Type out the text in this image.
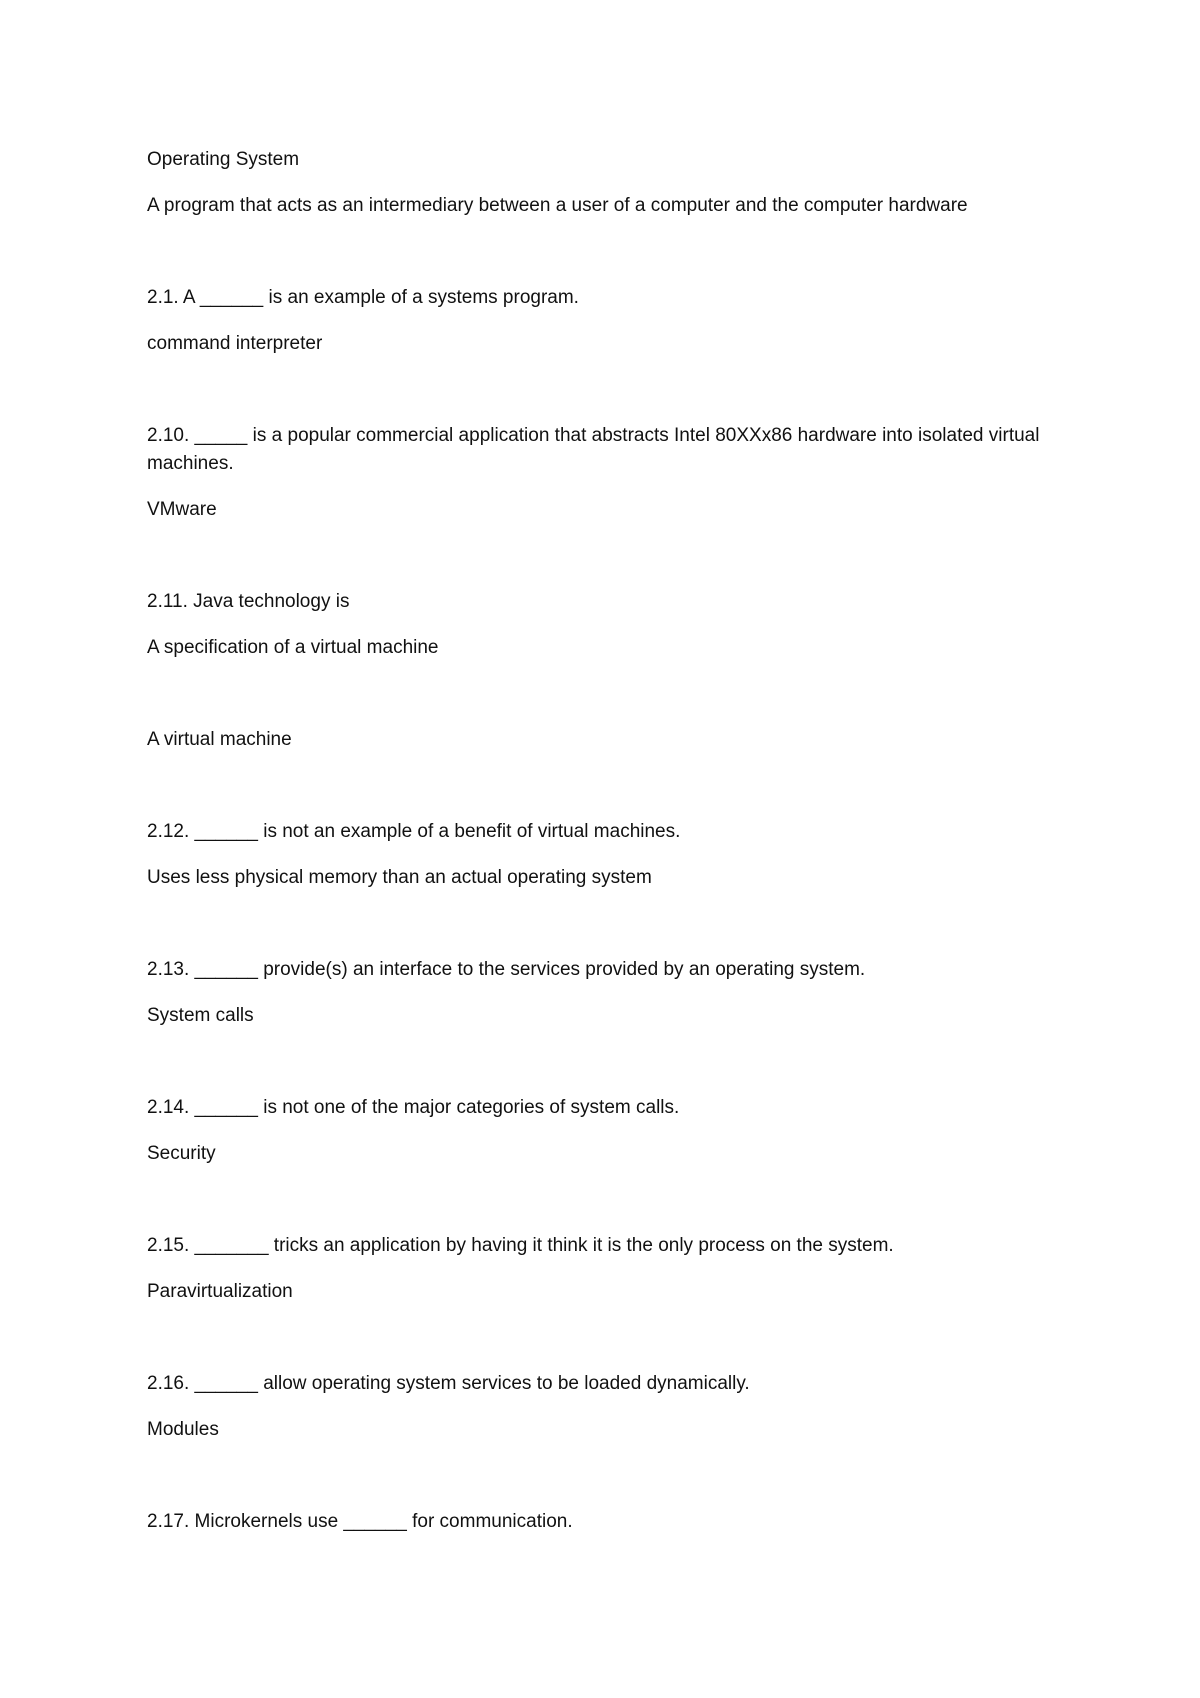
Operating System

A program that acts as an intermediary between a user of a computer and the computer hardware

2.1. A ______ is an example of a systems program.

command interpreter

2.10. _____ is a popular commercial application that abstracts Intel 80XXx86 hardware into isolated virtual machines.

VMware

2.11. Java technology is

A specification of a virtual machine

A virtual machine

2.12. ______ is not an example of a benefit of virtual machines.

Uses less physical memory than an actual operating system

2.13. ______ provide(s) an interface to the services provided by an operating system.

System calls

2.14. ______ is not one of the major categories of system calls.

Security

2.15. _______ tricks an application by having it think it is the only process on the system.

Paravirtualization

2.16. ______ allow operating system services to be loaded dynamically.

Modules

2.17. Microkernels use ______ for communication.
